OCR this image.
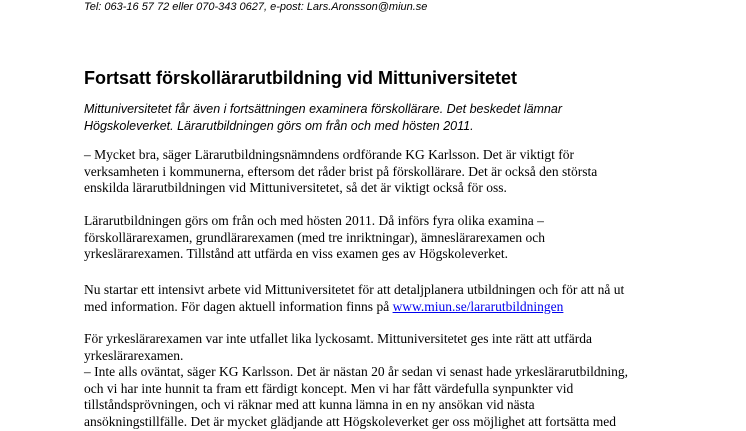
Tel: 063-16 57 72 eller 070-343 0627, e-post: Lars.Aronsson@miun.se
Fortsatt förskollärarutbildning vid Mittuniversitetet

Mittuniversitetet får även i fortsättningen examinera förskollärare. Det beskedet lämnar
Högskoleverket. Lärarutbildningen görs om från och med hösten 2011.

– Mycket bra, säger Lärarutbildningsnämndens ordförande KG Karlsson. Det är viktigt för
verksamheten i kommunerna, eftersom det råder brist på förskollärare. Det är också den största
enskilda lärarutbildningen vid Mittuniversitetet, så det är viktigt också för oss.

Lärarutbildningen görs om från och med hösten 2011. Då införs fyra olika examina –
förskollärarexamen, grundlärarexamen (med tre inriktningar), ämneslärarexamen och
yrkeslärarexamen. Tillstånd att utfärda en viss examen ges av Högskoleverket.

Nu startar ett intensivt arbete vid Mittuniversitetet för att detaljplanera utbildningen och för att nå ut
med information. För dagen aktuell information finns på www.miun.se/lararutbildningen

För yrkeslärarexamen var inte utfallet lika lyckosamt. Mittuniversitetet ges inte rätt att utfärda
yrkeslärarexamen.
– Inte alls oväntat, säger KG Karlsson. Det är nästan 20 år sedan vi senast hade yrkeslärarutbildning,
och vi har inte hunnit ta fram ett färdigt koncept. Men vi har fått värdefulla synpunkter vid
tillståndsprövningen, och vi räknar med att kunna lämna in en ny ansökan vid nästa
ansökningstillfälle. Det är mycket glädjande att Högskoleverket ger oss möjlighet att fortsätta med
